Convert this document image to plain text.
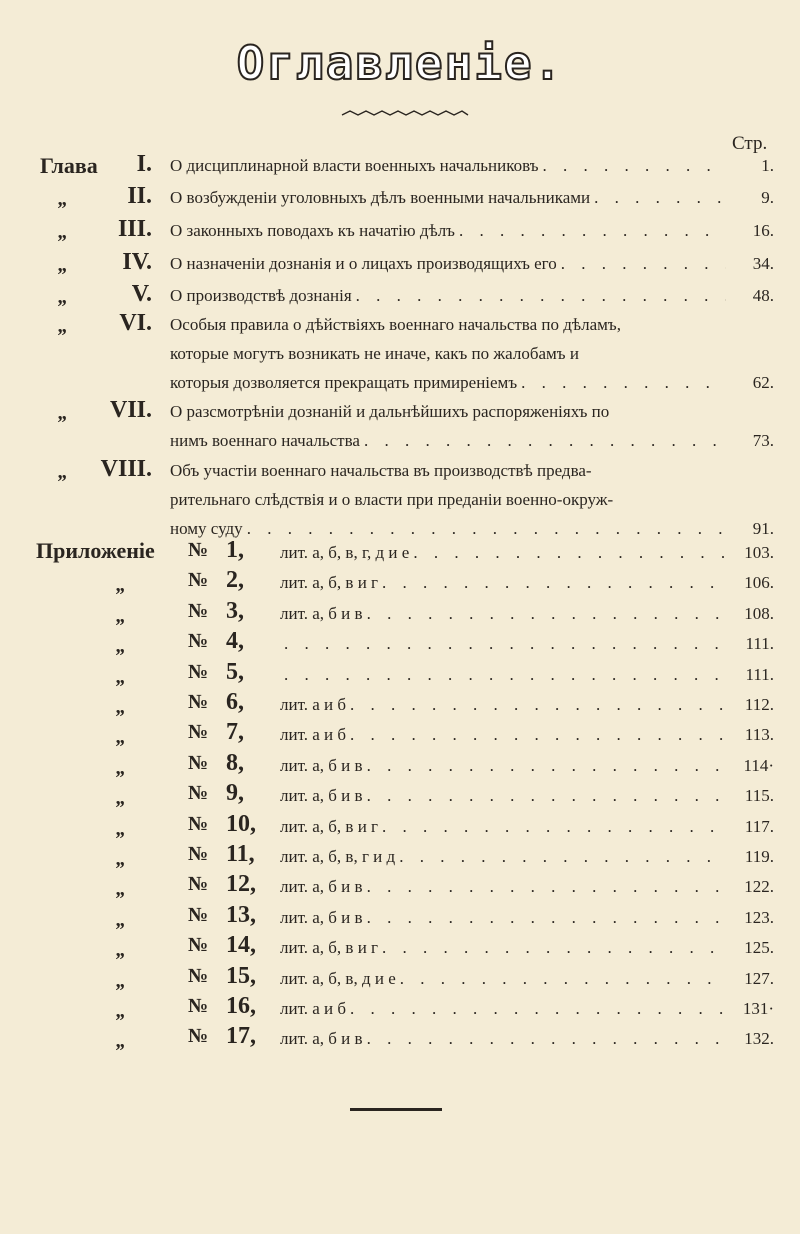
Оглавленіе.
Стр.
Глава I. О дисциплинарной власти военныхъ начальниковъ . . .	1.
„ II. О возбужденіи уголовныхъ дѣлъ военными начальниками . . .	9.
„ III. О законныхъ поводахъ къ начатію дѣлъ . . .	16.
„ IV. О назначеніи дознанія и о лицахъ производящихъ его . . .	34.
„	V. О производствѣ дознанія . . .	48.
„ VI. Особыя правила о дѣйствіяхъ военнаго начальства по дѣламъ,
которые могутъ возникать не иначе, какъ по жалобамъ и
которыя дозволяется прекращать примиреніемъ . . .	62.
„ VII. О разсмотрѣніи дознаній и дальнѣйшихъ распоряженіяхъ по
нимъ военнаго начальства . . .	73.
„ VIII. Объ участіи военнаго начальства въ производствѣ предва-
рительнаго слѣдствія и о власти при преданіи военно-окруж-
ному суду . . .	91.
Приложеніе № 1, лит. а, б, в, г, д и е . . .	103.
„	№ 2, лит. а, б, в и г . . .	106.
„	№ 3, лит. а, б и в . . .	108.
„	№ 4, . . .	111.
„	№ 5, . . .	111.
„	№ 6, лит. а и б . . .	112.
„	№ 7, лит. а и б . . .	113.
„	№ 8, лит. а, б и в . . .	114·
„	№ 9, лит. а, б и в . . .	115.
„	№ 10, лит. а, б, в и г . . .	117.
„	№ 11, лит. а, б, в, г и д . . .	119.
„	№ 12, лит. а, б и в . . .	122.
„	№ 13, лит. а, б и в . . .	123.
„	№ 14, лит. а, б, в и г . . .	125.
„	№ 15, лит. а, б, в, д и е . . .	127.
„	№ 16, лит. а и б . . .	131·
„	№ 17, лит. а, б и в . . .	132.
